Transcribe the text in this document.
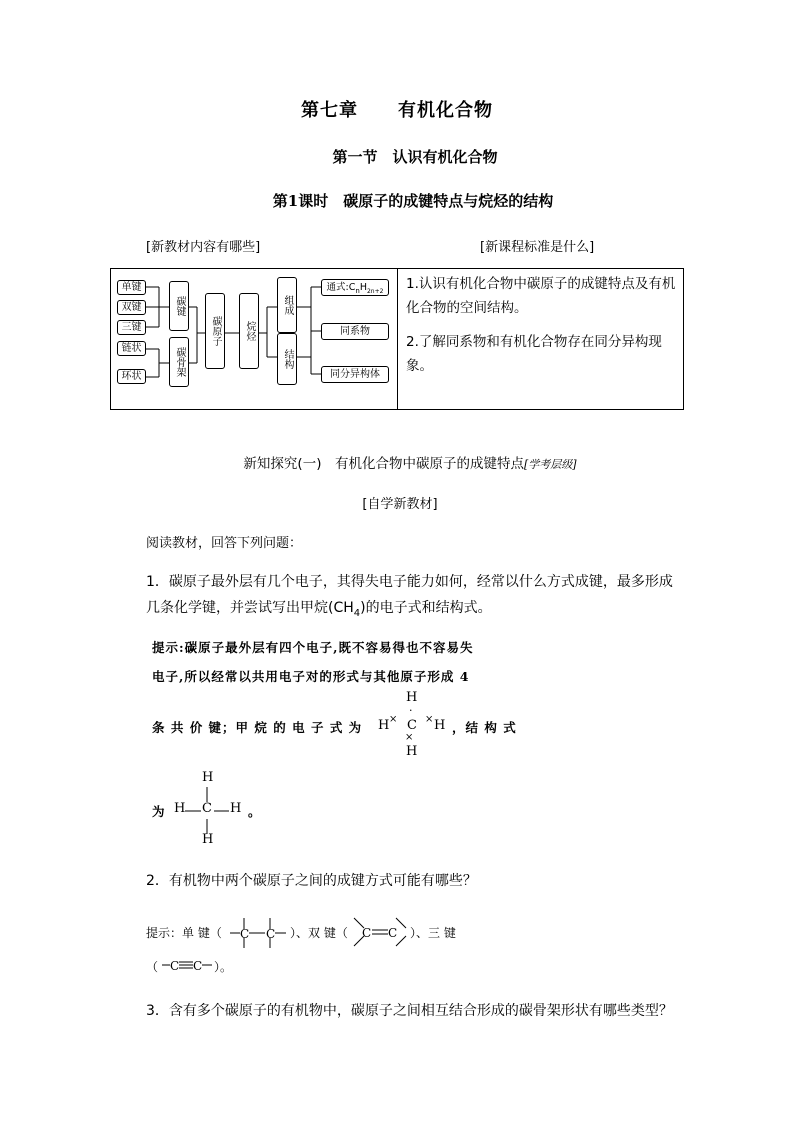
第七章 有机化合物
第一节　认识有机化合物
第1课时　碳原子的成键特点与烷烃的结构
[新教材内容有哪些]	[新课程标准是什么]
单键
双键
三键
链状
环状
碳键
碳骨架
碳原子	烷烃
组成
结构
通式$:C_nH_{2n+2}$
同系物
同分异构体

1.认识有机化合物中碳原子的成键特点及有机化合物的空间结构。

2.了解同系物和有机化合物存在同分异构现象。

新知探究(一)　有机化合物中碳原子的成键特点[学考层级]
[自学新教材]
阅读教材，回答下列问题：
1．碳原子最外层有几个电子，其得失电子能力如何，经常以什么方式成键，最多形成
几条化学键，并尝试写出甲烷$(CH_4)$的电子式和结构式。
提示:碳原子最外层有四个电子,既不容易得也不容易失
电子,所以经常以共用电子对的形式与其他原子形成 4
条 共 价 键；甲 烷 的 电 子 式 为
H
·
H × C × H
×
H
，结 构 式
为
H
H C H
H
。
2．有机物中两个碳原子之间的成键方式可能有哪些？
提示：单 键（ C C ）、双 键（ C C ）、三 键
（ C C ）。
3．含有多个碳原子的有机物中，碳原子之间相互结合形成的碳骨架形状有哪些类型？
